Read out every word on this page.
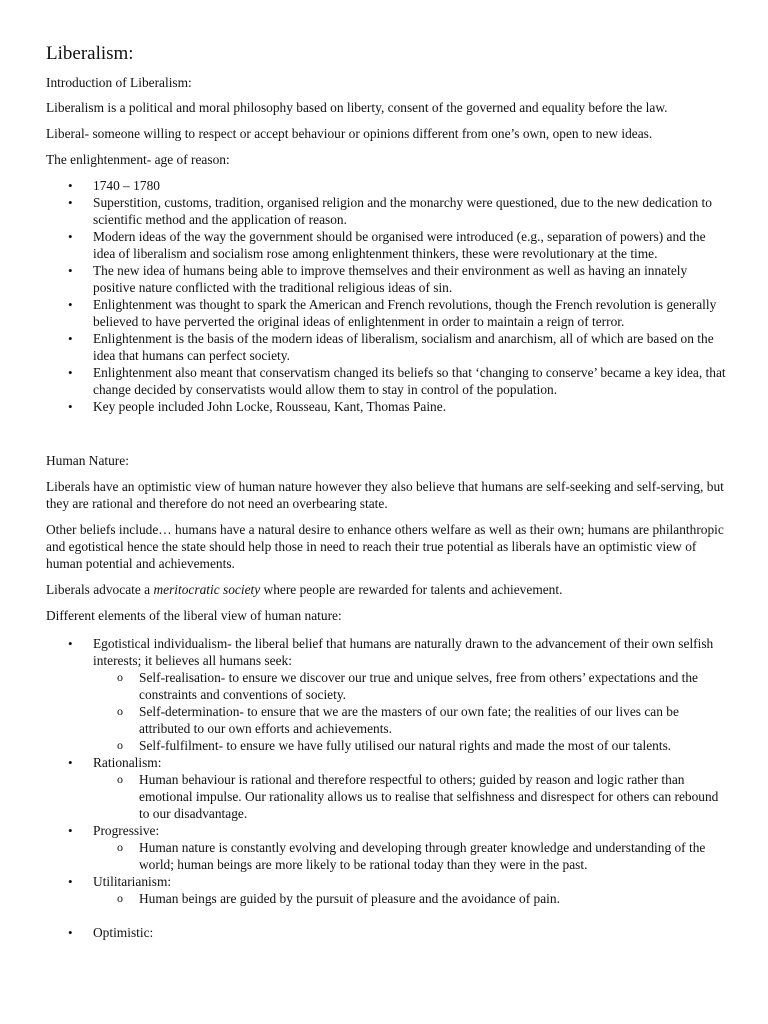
Liberalism:

Introduction of Liberalism:

Liberalism is a political and moral philosophy based on liberty, consent of the governed and equality before the law.

Liberal- someone willing to respect or accept behaviour or opinions different from one’s own, open to new ideas.

The enlightenment- age of reason:

• 1740 – 1780
• Superstition, customs, tradition, organised religion and the monarchy were questioned, due to the new dedication to scientific method and the application of reason.
• Modern ideas of the way the government should be organised were introduced (e.g., separation of powers) and the idea of liberalism and socialism rose among enlightenment thinkers, these were revolutionary at the time.
• The new idea of humans being able to improve themselves and their environment as well as having an innately positive nature conflicted with the traditional religious ideas of sin.
• Enlightenment was thought to spark the American and French revolutions, though the French revolution is generally believed to have perverted the original ideas of enlightenment in order to maintain a reign of terror.
• Enlightenment is the basis of the modern ideas of liberalism, socialism and anarchism, all of which are based on the idea that humans can perfect society.
• Enlightenment also meant that conservatism changed its beliefs so that ‘changing to conserve’ became a key idea, that change decided by conservatists would allow them to stay in control of the population.
• Key people included John Locke, Rousseau, Kant, Thomas Paine.

Human Nature:

Liberals have an optimistic view of human nature however they also believe that humans are self-seeking and self-serving, but they are rational and therefore do not need an overbearing state.

Other beliefs include… humans have a natural desire to enhance others welfare as well as their own; humans are philanthropic and egotistical hence the state should help those in need to reach their true potential as liberals have an optimistic view of human potential and achievements.

Liberals advocate a meritocratic society where people are rewarded for talents and achievement.

Different elements of the liberal view of human nature:

• Egotistical individualism- the liberal belief that humans are naturally drawn to the advancement of their own selfish interests; it believes all humans seek:
o Self-realisation- to ensure we discover our true and unique selves, free from others’ expectations and the constraints and conventions of society.
o Self-determination- to ensure that we are the masters of our own fate; the realities of our lives can be attributed to our own efforts and achievements.
o Self-fulfilment- to ensure we have fully utilised our natural rights and made the most of our talents.
• Rationalism:
o Human behaviour is rational and therefore respectful to others; guided by reason and logic rather than emotional impulse. Our rationality allows us to realise that selfishness and disrespect for others can rebound to our disadvantage.
• Progressive:
o Human nature is constantly evolving and developing through greater knowledge and understanding of the world; human beings are more likely to be rational today than they were in the past.
• Utilitarianism:
o Human beings are guided by the pursuit of pleasure and the avoidance of pain.
• Optimistic:
